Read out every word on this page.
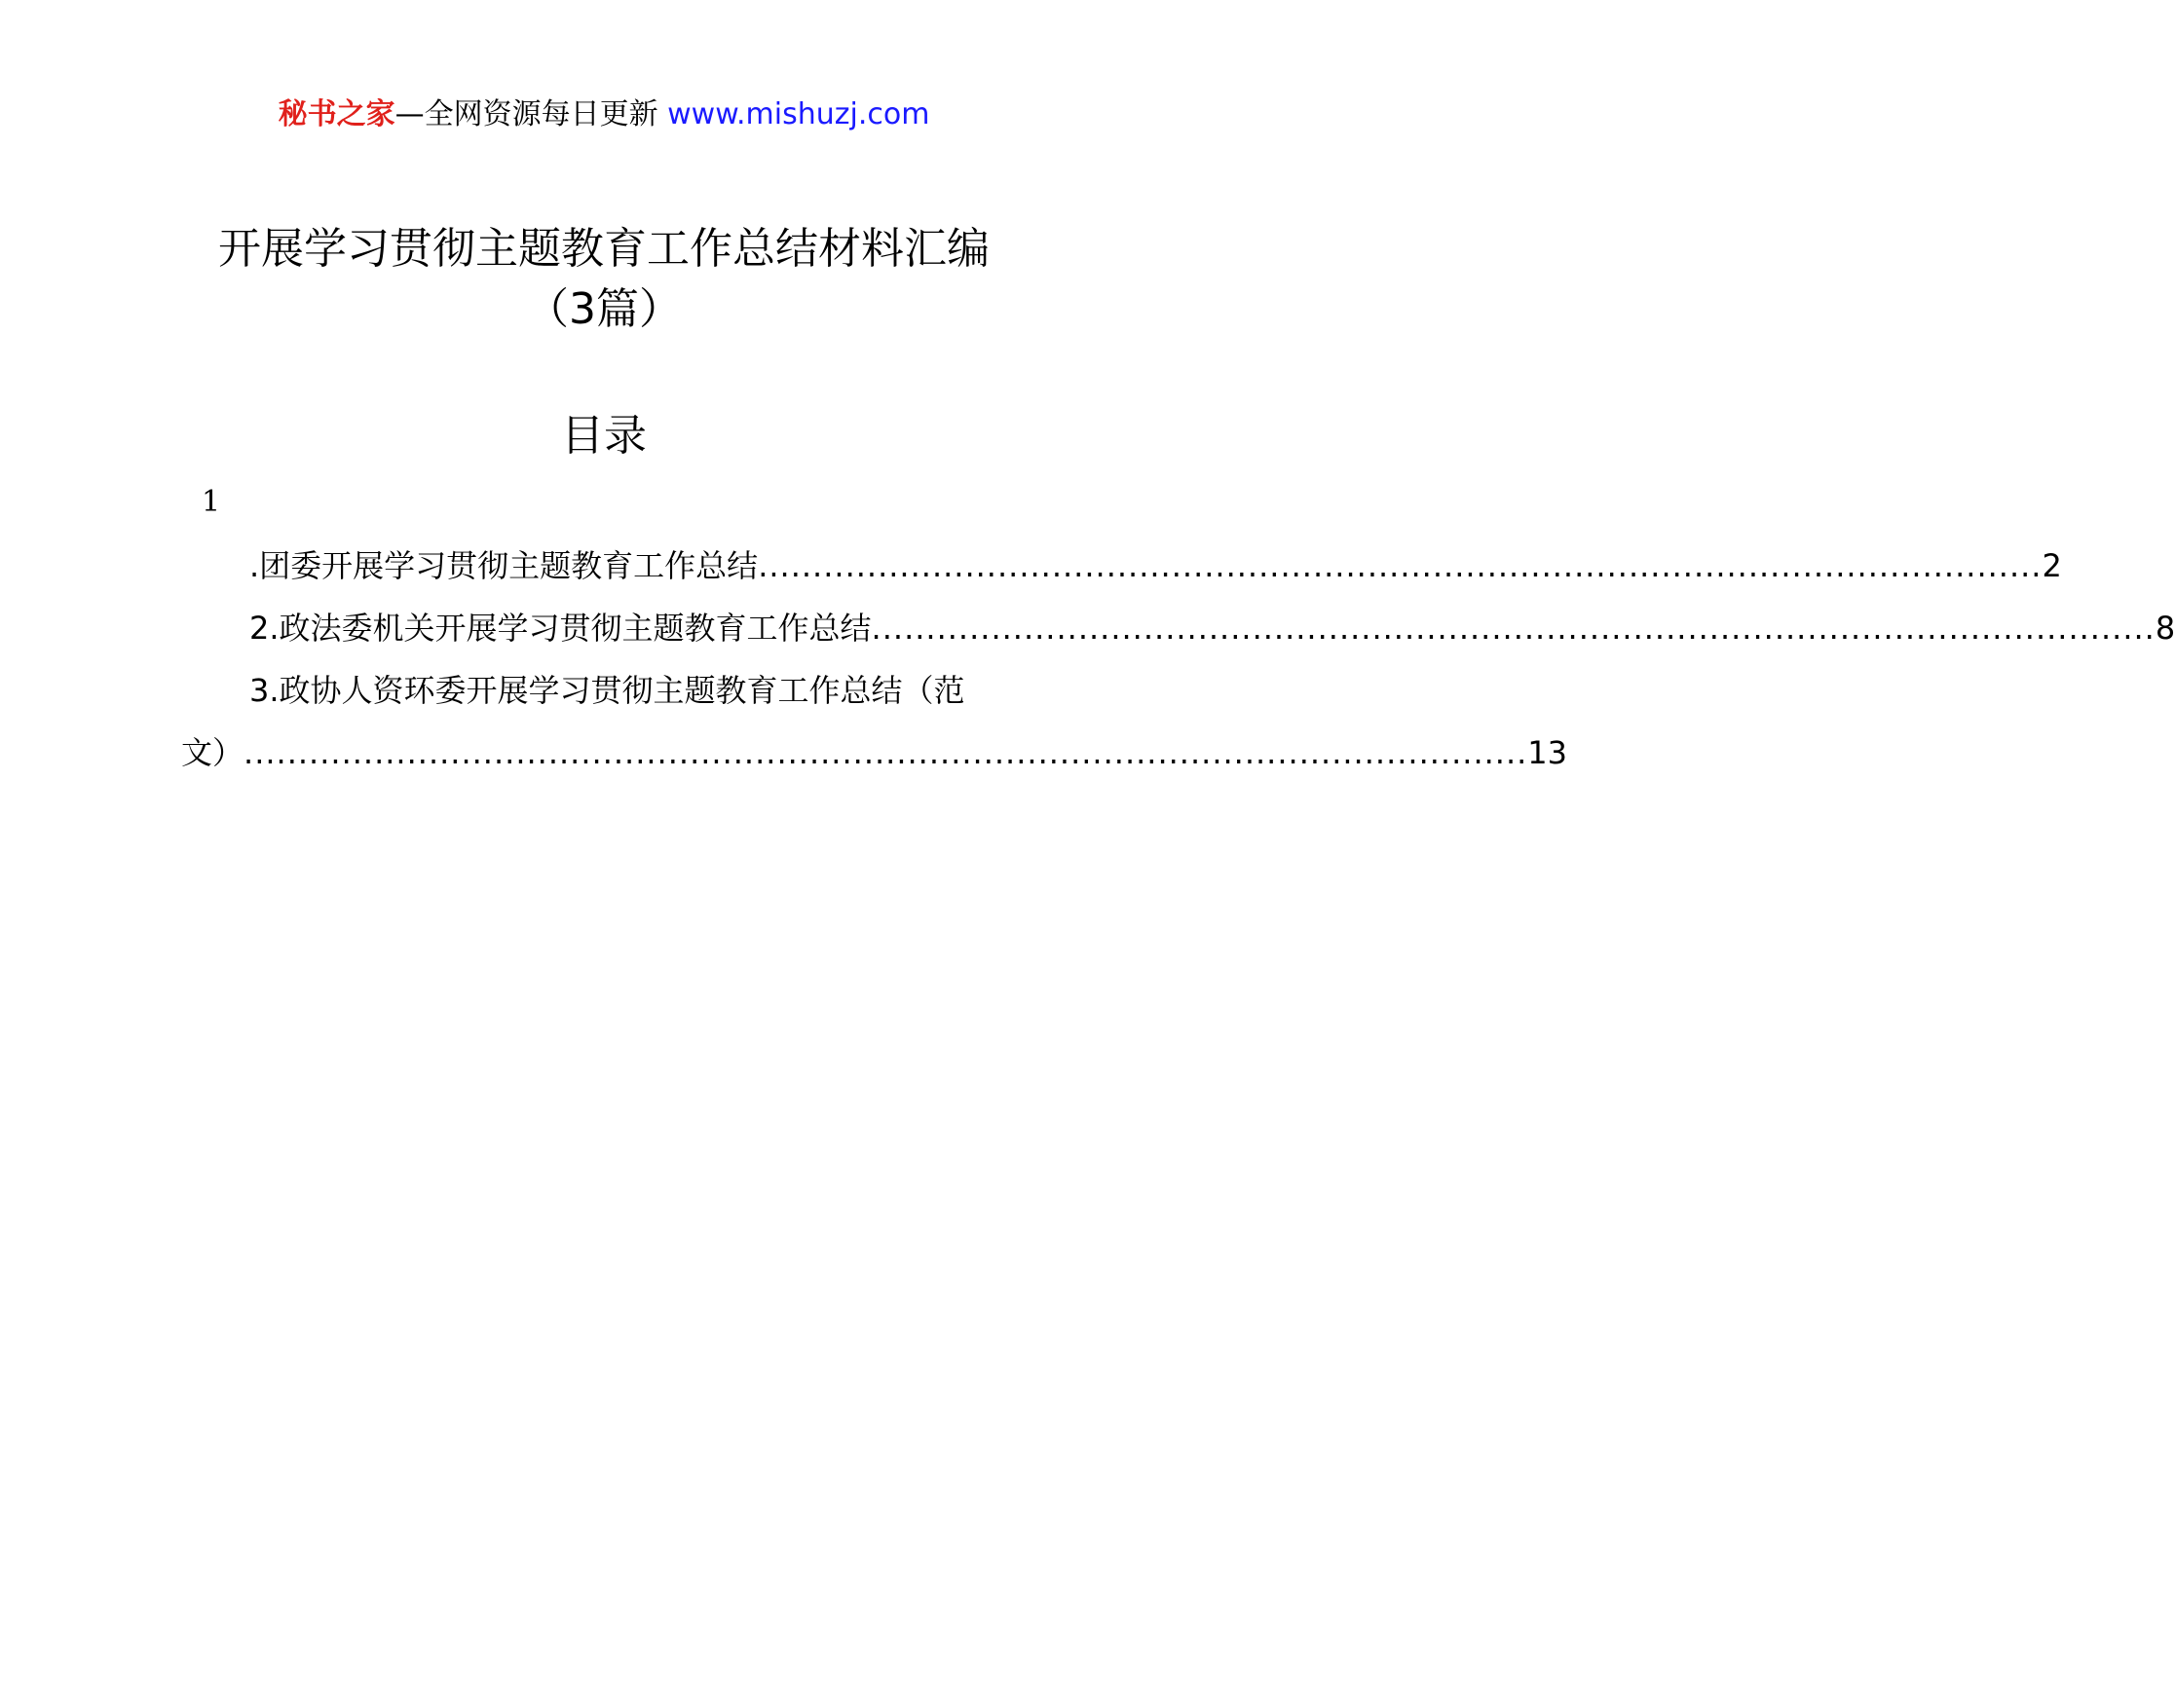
秘书之家—全网资源每日更新 www.mishuzj.com
开展学习贯彻主题教育工作总结材料汇编
（3篇）
目录
1
.团委开展学习贯彻主题教育工作总结 ...................................................................................................................... 2
2.政法委机关开展学习贯彻主题教育工作总结 ...................................................................................................................... 8
3.政协人资环委开展学习贯彻主题教育工作总结（范
文） ...................................................................................................................... 13
